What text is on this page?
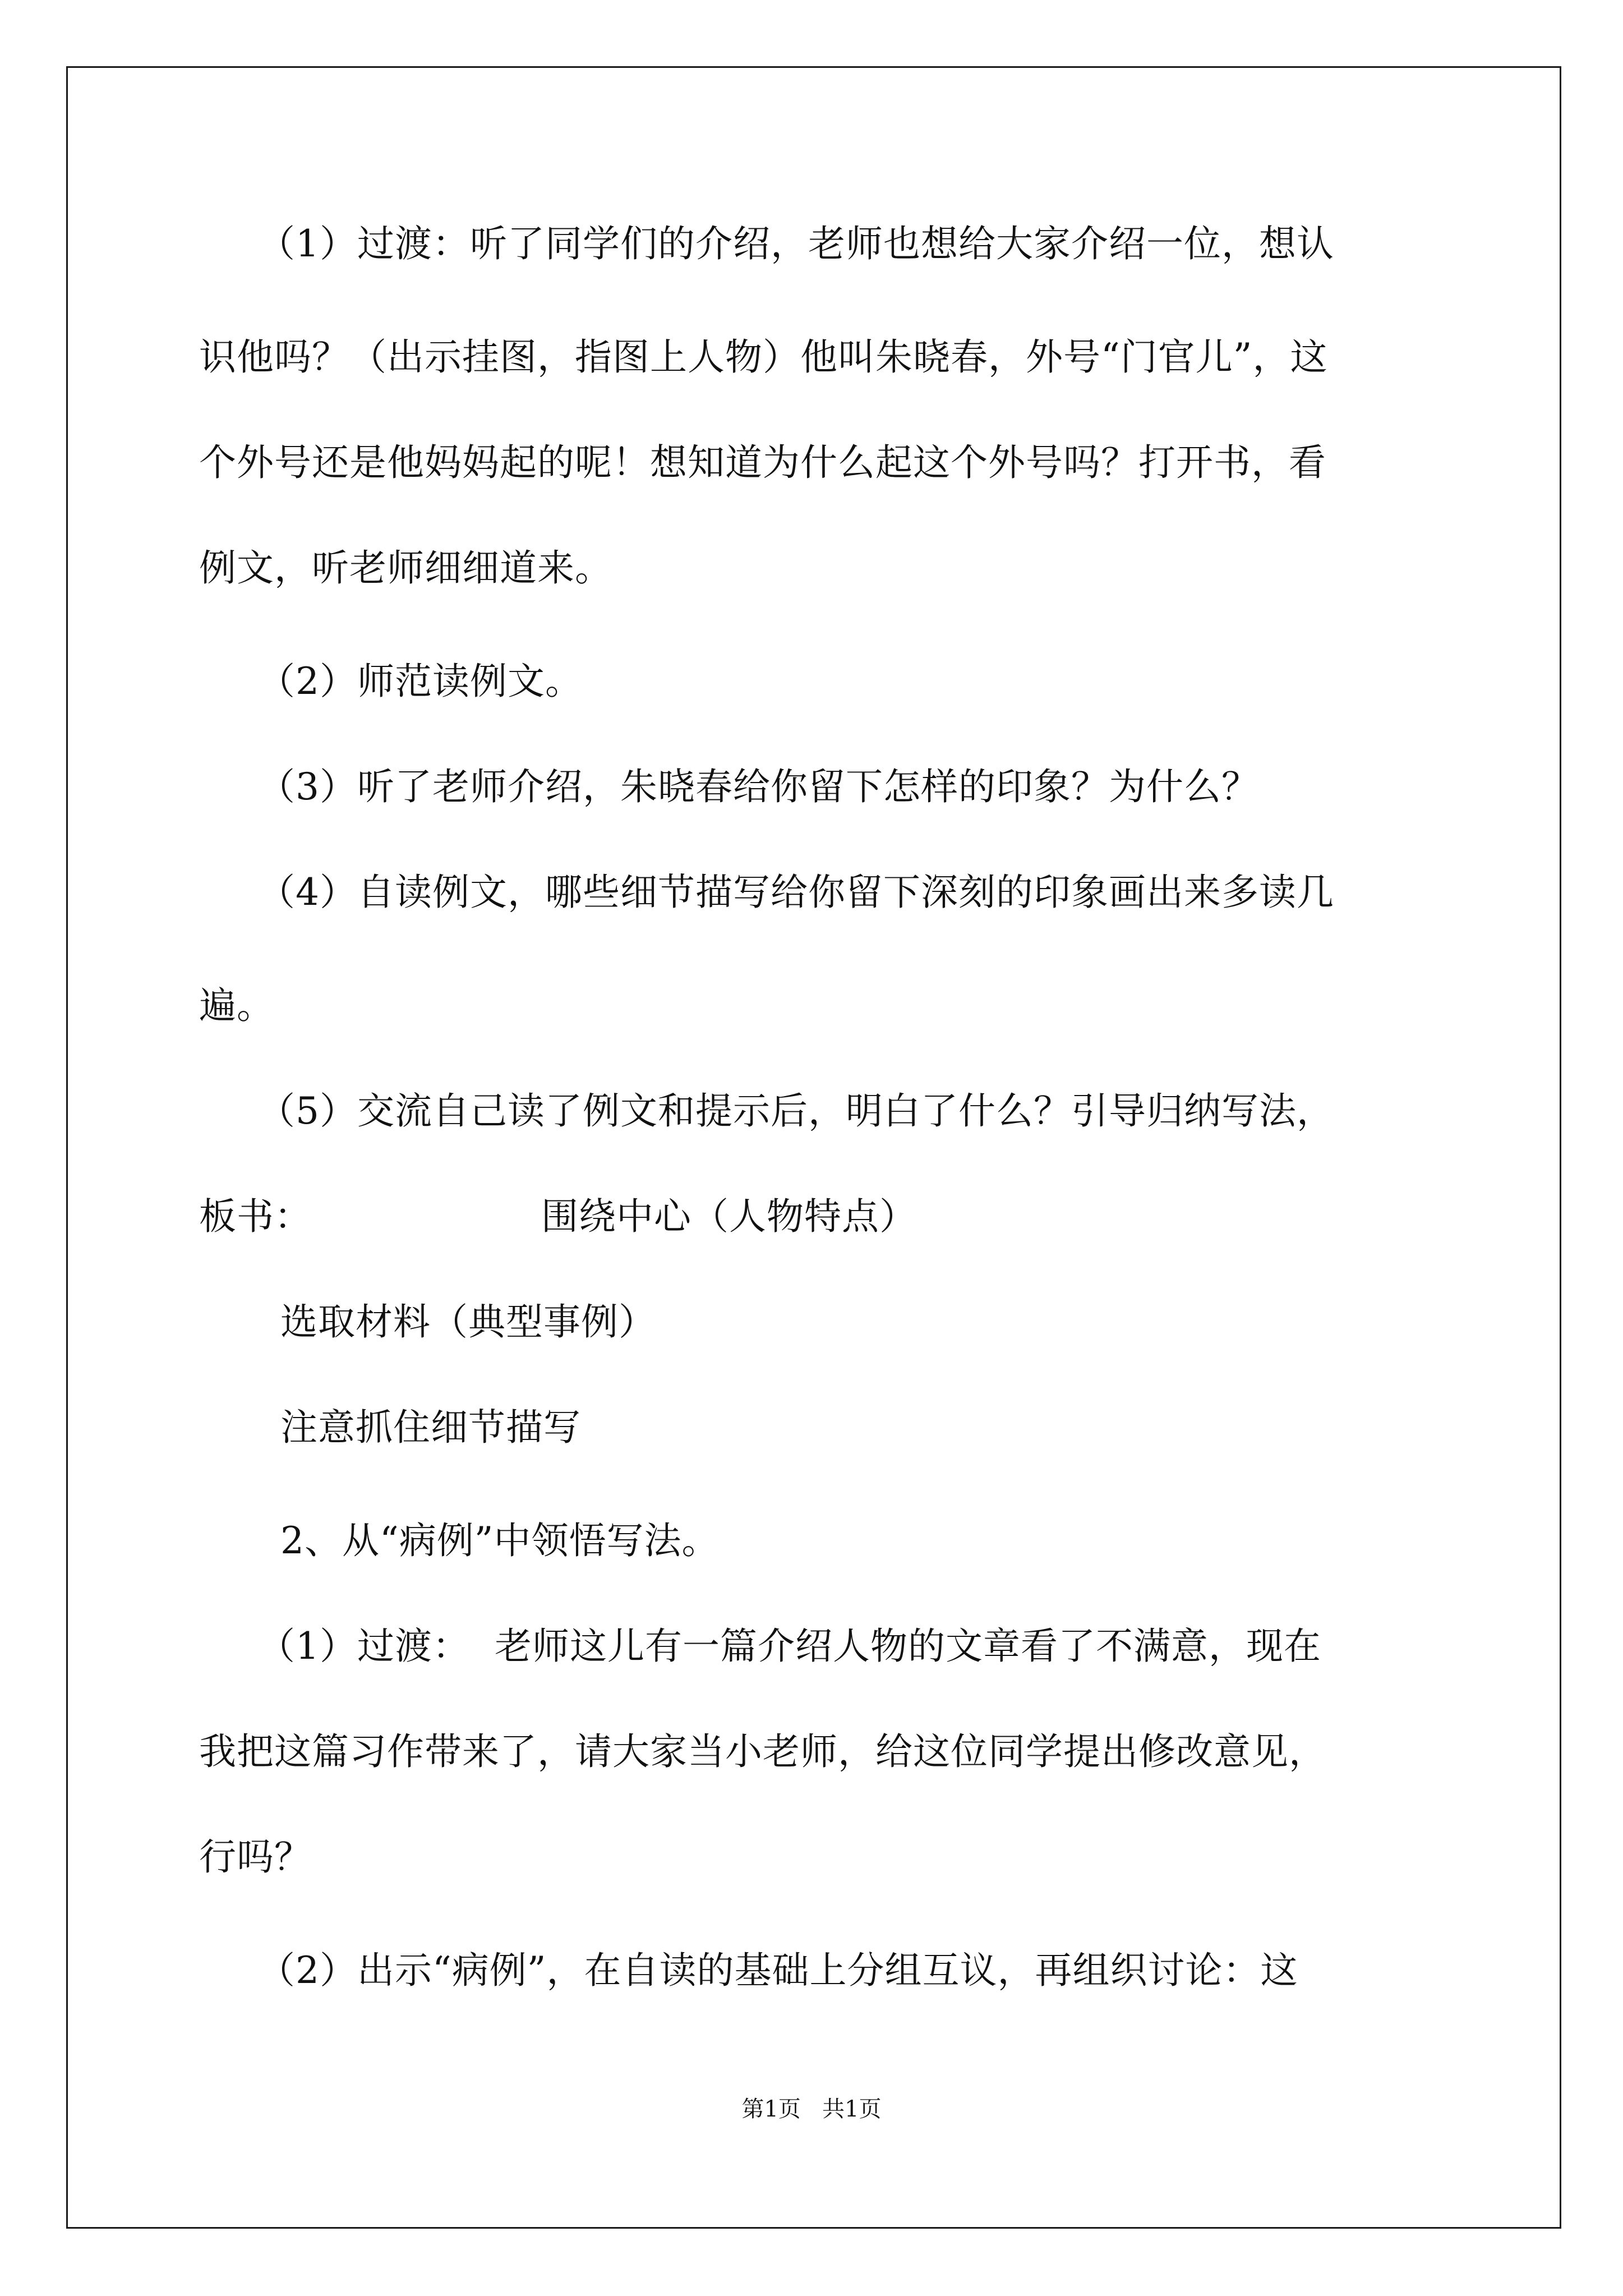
（1）过渡：听了同学们的介绍，老师也想给大家介绍一位，想认
识他吗？（出示挂图，指图上人物）他叫朱晓春，外号“门官儿”，这
个外号还是他妈妈起的呢！想知道为什么起这个外号吗？打开书，看
例文，听老师细细道来。
（2）师范读例文。
（3）听了老师介绍，朱晓春给你留下怎样的印象？为什么？
（4）自读例文，哪些细节描写给你留下深刻的印象画出来多读几
遍。
（5）交流自己读了例文和提示后，明白了什么？引导归纳写法，
板书：	围绕中心（人物特点）
选取材料（典型事例）
注意抓住细节描写
2、从“病例”中领悟写法。
（1）过渡：  老师这儿有一篇介绍人物的文章看了不满意，现在
我把这篇习作带来了，请大家当小老师，给这位同学提出修改意见，
行吗？
（2）出示“病例”，在自读的基础上分组互议，再组织讨论：这
第1页   共1页
